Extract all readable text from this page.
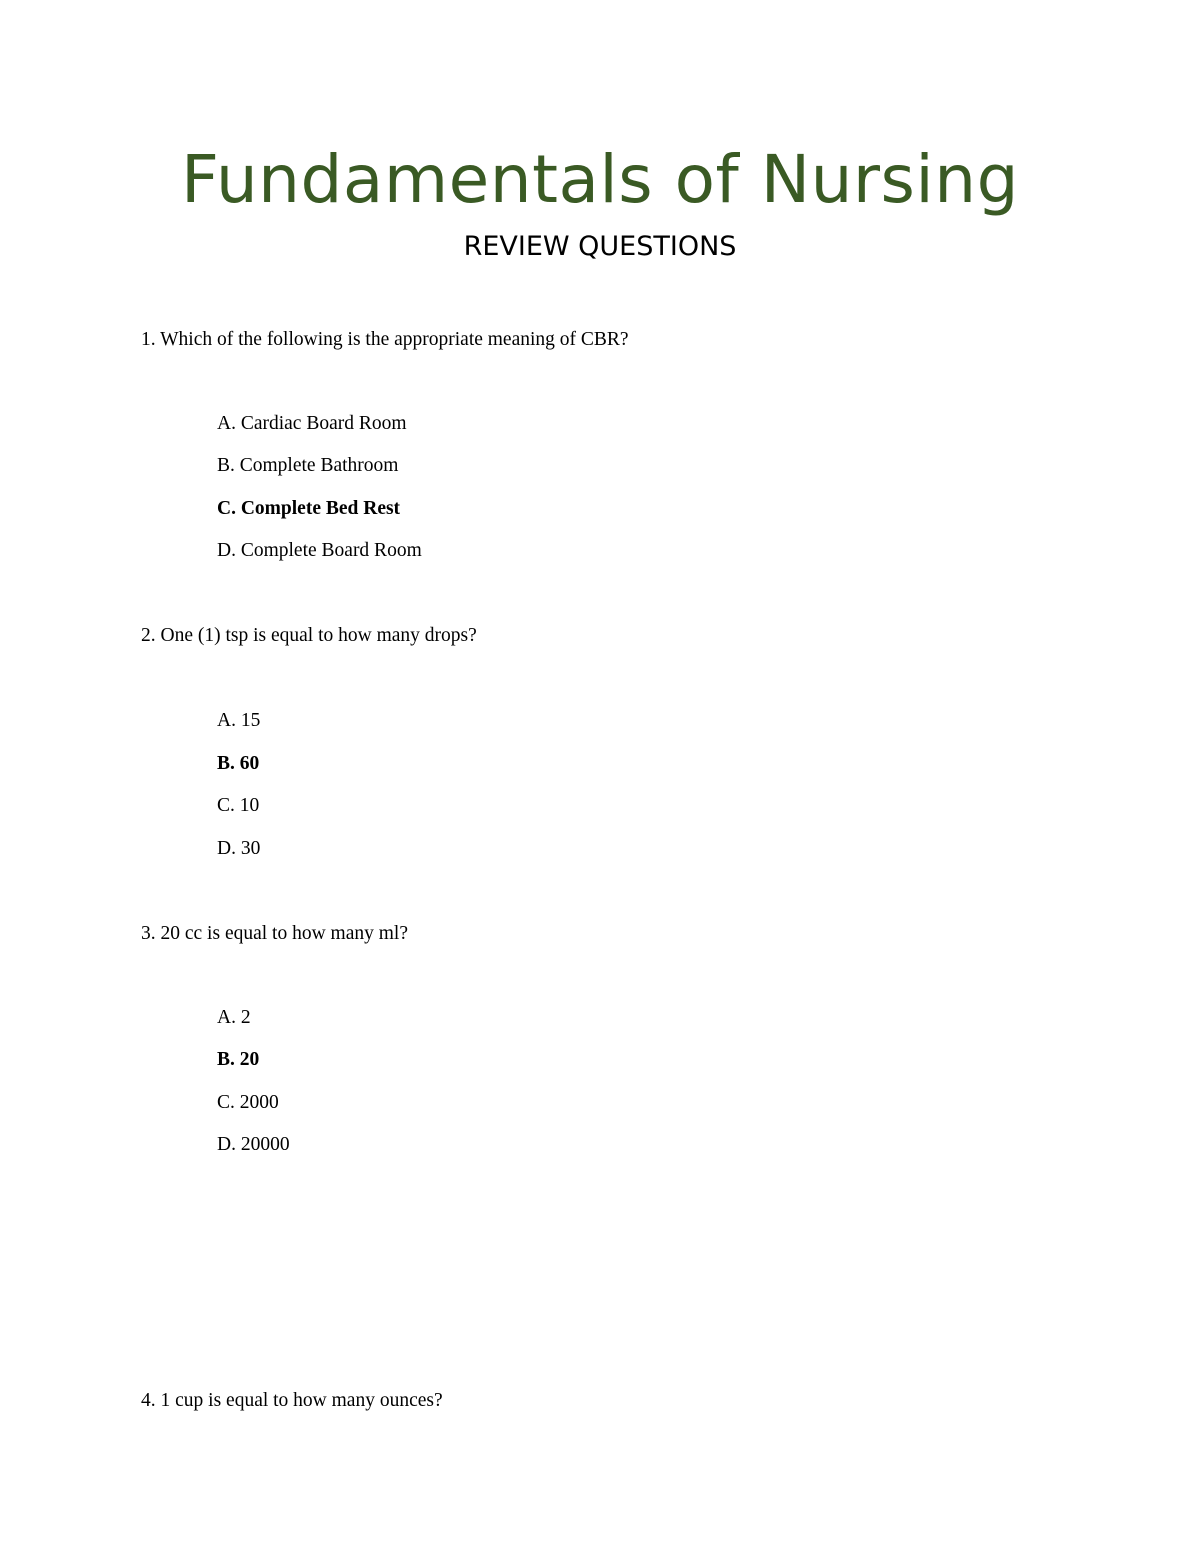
Fundamentals of Nursing
REVIEW QUESTIONS

1. Which of the following is the appropriate meaning of CBR?

A. Cardiac Board Room

B. Complete Bathroom

C. Complete Bed Rest

D. Complete Board Room

2. One (1) tsp is equal to how many drops?

A. 15

B. 60

C. 10

D. 30

3. 20 cc is equal to how many ml?

A. 2

B. 20

C. 2000

D. 20000

4. 1 cup is equal to how many ounces?
